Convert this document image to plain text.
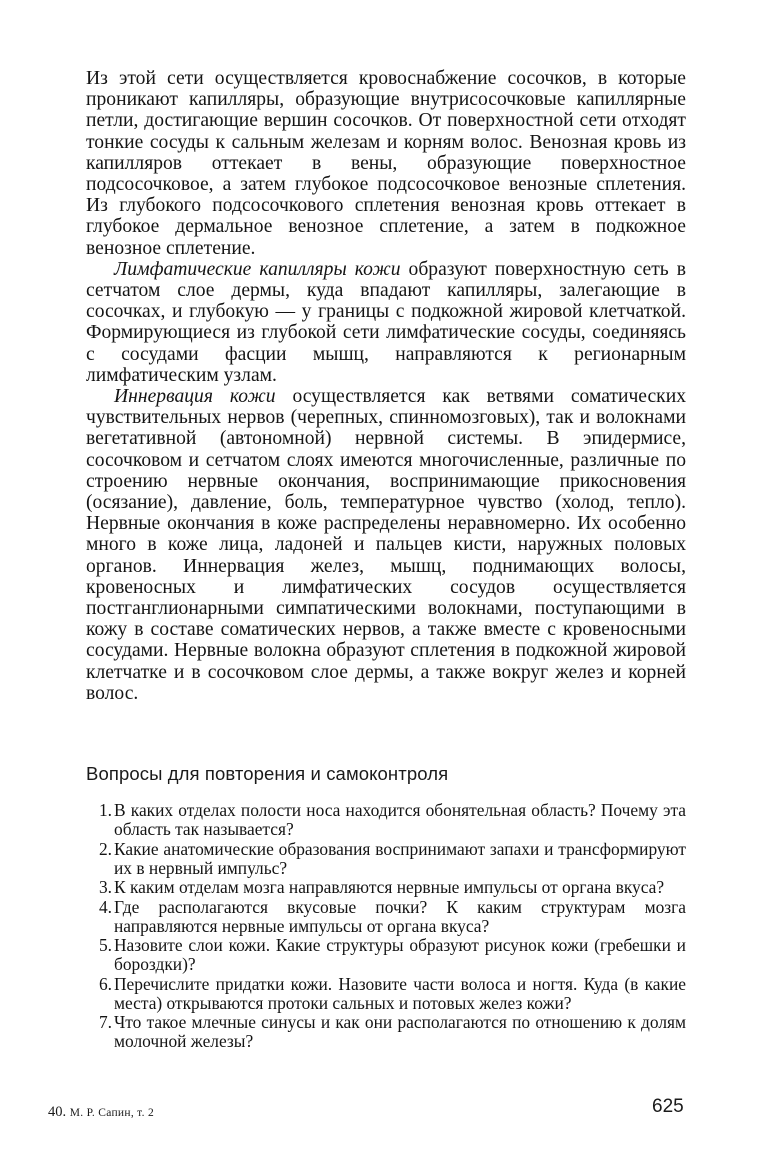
Из этой сети осуществляется кровоснабжение сосочков, в которые проникают капилляры, образующие внутрисосочковые капиллярные петли, достигающие вершин сосочков. От поверхностной сети отходят тонкие сосуды к сальным железам и корням волос. Венозная кровь из капилляров оттекает в вены, образующие поверхностное подсосочковое, а затем глубокое подсосочковое венозные сплетения. Из глубокого подсосочкового сплетения венозная кровь оттекает в глубокое дермальное венозное сплетение, а затем в подкожное венозное сплетение.

Лимфатические капилляры кожи образуют поверхностную сеть в сетчатом слое дермы, куда впадают капилляры, залегающие в сосочках, и глубокую — у границы с подкожной жировой клетчаткой. Формирующиеся из глубокой сети лимфатические сосуды, соединяясь с сосудами фасции мышц, направляются к регионарным лимфатическим узлам.

Иннервация кожи осуществляется как ветвями соматических чувствительных нервов (черепных, спинномозговых), так и волокнами вегетативной (автономной) нервной системы. В эпидермисе, сосочковом и сетчатом слоях имеются многочисленные, различные по строению нервные окончания, воспринимающие прикосновения (осязание), давление, боль, температурное чувство (холод, тепло). Нервные окончания в коже распределены неравномерно. Их особенно много в коже лица, ладоней и пальцев кисти, наружных половых органов. Иннервация желез, мышц, поднимающих волосы, кровеносных и лимфатических сосудов осуществляется постганглионарными симпатическими волокнами, поступающими в кожу в составе соматических нервов, а также вместе с кровеносными сосудами. Нервные волокна образуют сплетения в подкожной жировой клетчатке и в сосочковом слое дермы, а также вокруг желез и корней волос.

Вопросы для повторения и самоконтроля
1. В каких отделах полости носа находится обонятельная область? Почему эта область так называется?
2. Какие анатомические образования воспринимают запахи и трансформируют их в нервный импульс?
3. К каким отделам мозга направляются нервные импульсы от органа вкуса?
4. Где располагаются вкусовые почки? К каким структурам мозга направляются нервные импульсы от органа вкуса?
5. Назовите слои кожи. Какие структуры образуют рисунок кожи (гребешки и бороздки)?
6. Перечислите придатки кожи. Назовите части волоса и ногтя. Куда (в какие места) открываются протоки сальных и потовых желез кожи?
7. Что такое млечные синусы и как они располагаются по отношению к долям молочной железы?
40. М. Р. Сапин, т. 2	625
